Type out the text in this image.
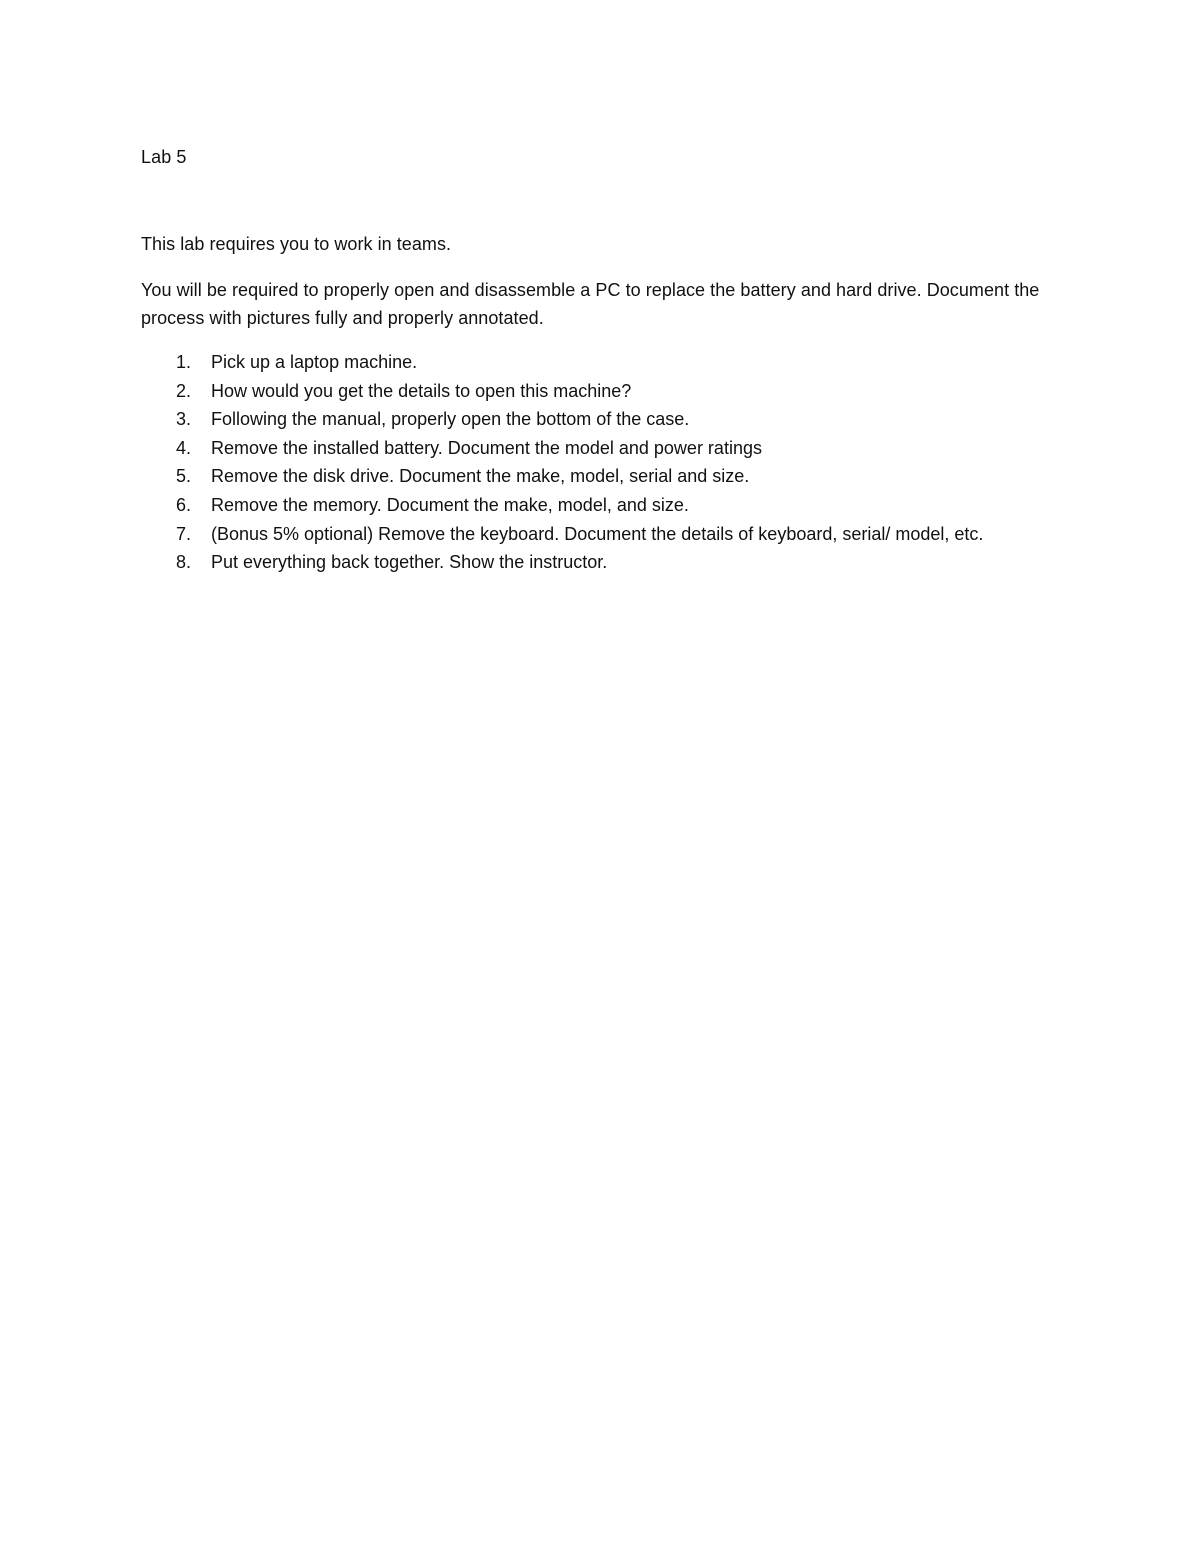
Lab 5

This lab requires you to work in teams.

You will be required to properly open and disassemble a PC to replace the battery and hard drive. Document the process with pictures fully and properly annotated.

1.	Pick up a laptop machine.
2.	How would you get the details to open this machine?
3.	Following the manual, properly open the bottom of the case.
4.	Remove the installed battery. Document the model and power ratings
5.	Remove the disk drive. Document the make, model, serial and size.
6.	Remove the memory. Document the make, model, and size.
7.	(Bonus 5% optional) Remove the keyboard. Document the details of keyboard, serial/ model, etc.
8.	Put everything back together. Show the instructor.
